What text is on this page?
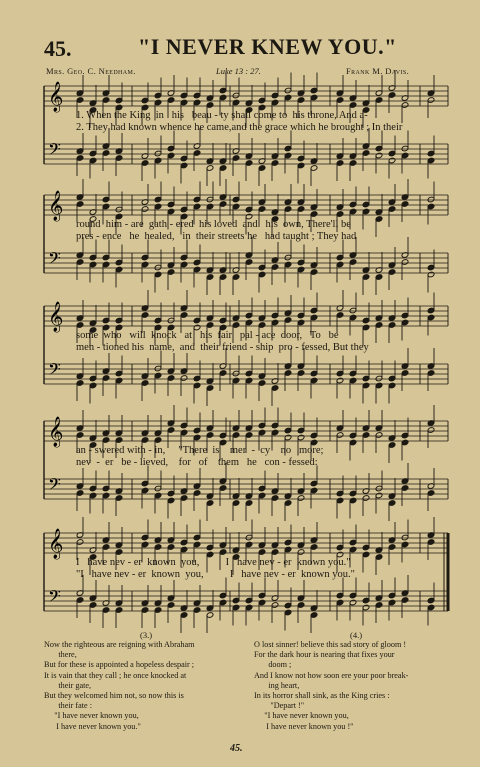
45.	"I NEVER KNEW YOU."
Mrs. Geo. C. Needham.	Luke 13 : 27.	Frank M. Davis.
𝄞
𝄢
1. When the King  in   his   beau - ty shall come to  his throne, And a-
2. They had known whence he came,and the grace which he brought ; In their
𝄞
𝄢
round  him - are  gath - ered  his loved  and   his  own, There'll be
pres - ence   he  healed,   in  their streets he   had taught ; They had
𝄞
𝄢
some  who   will  knock   at   his  fair   pal - ace  door,   To   be
men - tioned his  name,  and  their friend - ship  pro - fessed, But they
𝄞
𝄢
an - swered with - in,     "There  is    mer  -  cy    no   more;
nev  -  er   be - lieved,    for   of    them   he   con - fessed:
𝄞
𝄢
I   have nev - er  known  you,          I   have nev - er  known you."
"I   have nev - er  known  you,          I   have nev - er  known you."
(3.)
Now the righteous are reigning with Abraham
there,
But for these is appointed a hopeless despair ;
It is vain that they call ; he once knocked at
their gate,
But they welcomed him not, so now this is
their fate :
"I have never known you,
I have never known you."
(4.)
O lost sinner! believe this sad story of gloom !
For the dark hour is nearing that fixes your
doom ;
And I know not how soon ere your poor break-
ing heart,
In its horror shall sink, as the King cries :
"Depart !"
"I have never known you,
I have never known you !"
45.
